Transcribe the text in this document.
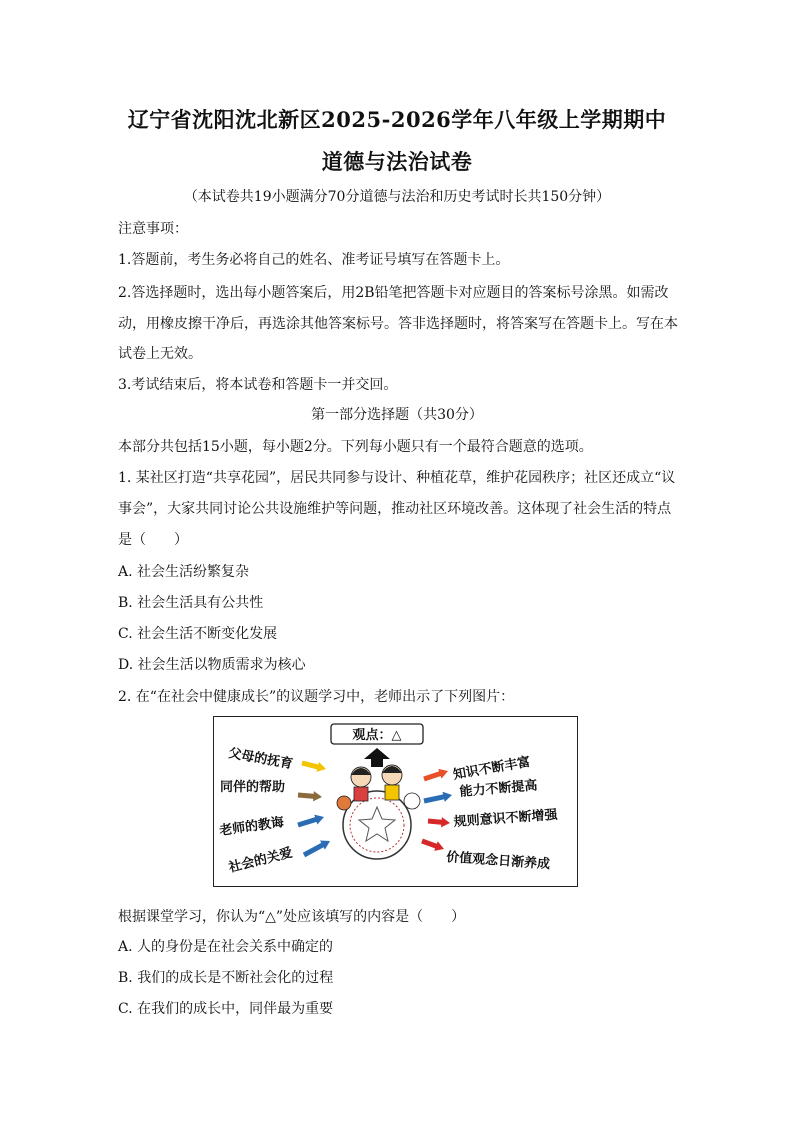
辽宁省沈阳沈北新区2025-2026学年八年级上学期期中
道德与法治试卷
（本试卷共19小题满分70分道德与法治和历史考试时长共150分钟）
注意事项：
1.答题前，考生务必将自己的姓名、准考证号填写在答题卡上。
2.答选择题时，选出每小题答案后，用2B铅笔把答题卡对应题目的答案标号涂黑。如需改
动，用橡皮擦干净后，再选涂其他答案标号。答非选择题时，将答案写在答题卡上。写在本
试卷上无效。
3.考试结束后，将本试卷和答题卡一并交回。
第一部分选择题（共30分）
本部分共包括15小题，每小题2分。下列每小题只有一个最符合题意的选项。
1. 某社区打造“共享花园”，居民共同参与设计、种植花草，维护花园秩序；社区还成立“议
事会”，大家共同讨论公共设施维护等问题，推动社区环境改善。这体现了社会生活的特点
是（　　）
A. 社会生活纷繁复杂
B. 社会生活具有公共性
C. 社会生活不断变化发展
D. 社会生活以物质需求为核心
2. 在“在社会中健康成长”的议题学习中，老师出示了下列图片：
观点：△
父母的抚育
同伴的帮助
老师的教诲
社会的关爱
知识不断丰富
能力不断提高
规则意识不断增强
价值观念日渐养成
根据课堂学习，你认为“△”处应该填写的内容是（　　）
A. 人的身份是在社会关系中确定的
B. 我们的成长是不断社会化的过程
C. 在我们的成长中，同伴最为重要
